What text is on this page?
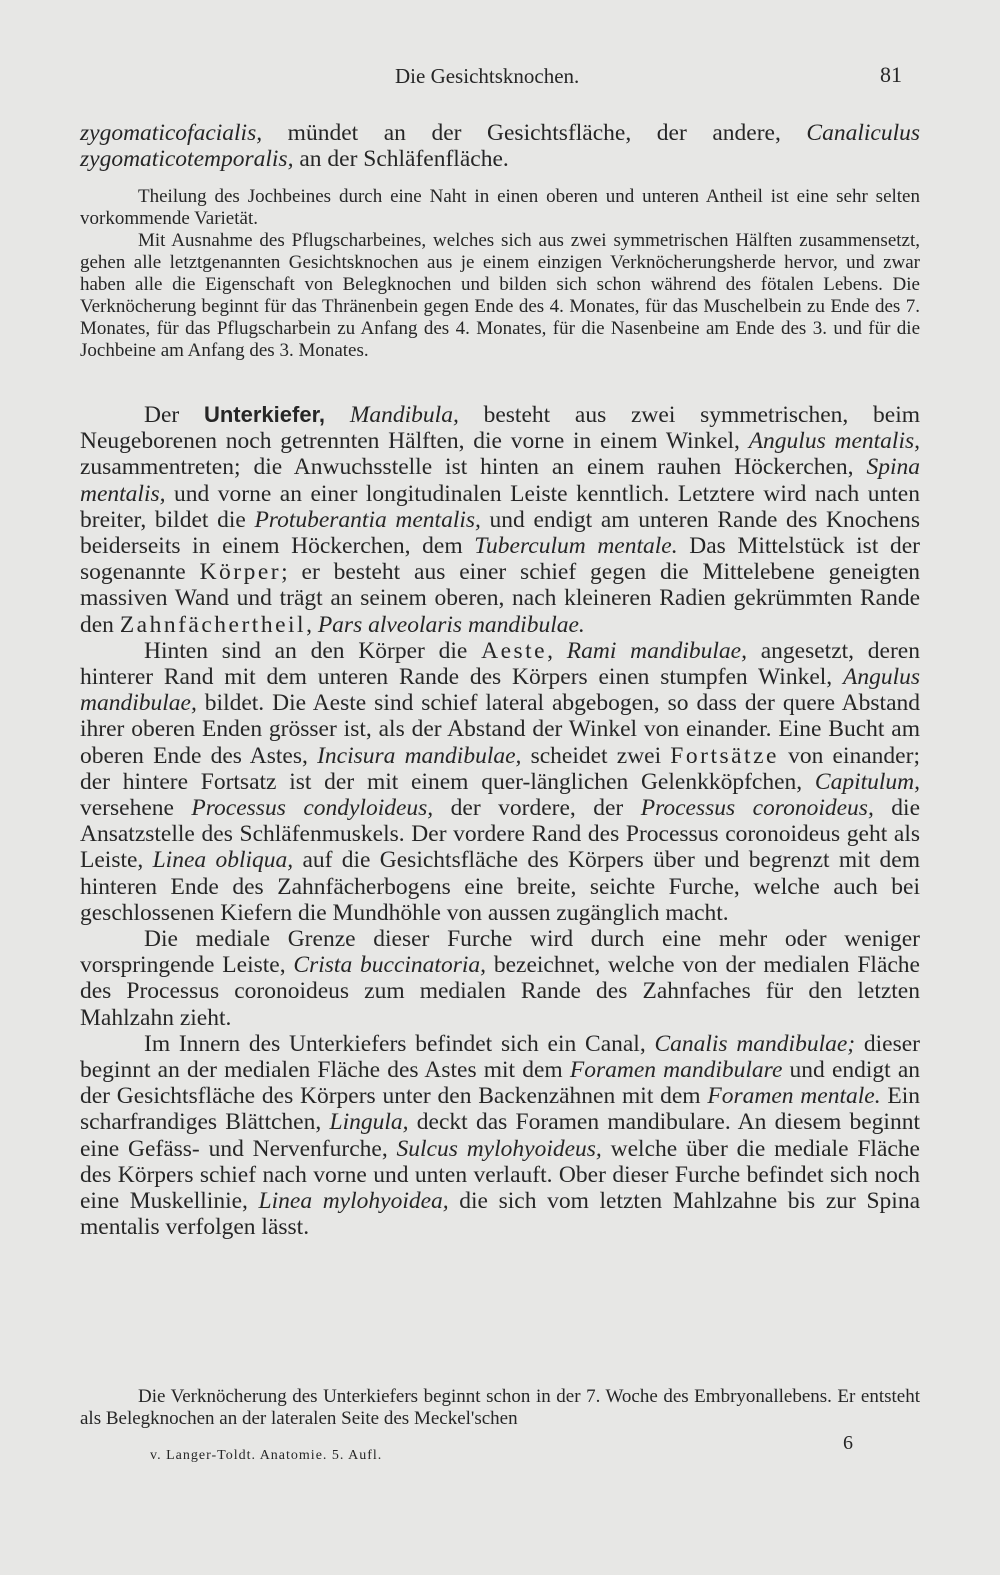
Die Gesichtsknochen.	81

zygomaticofacialis, mündet an der Gesichtsfläche, der andere, Canaliculus zygomaticotemporalis, an der Schläfenfläche.

Theilung des Jochbeines durch eine Naht in einen oberen und unteren Antheil ist eine sehr selten vorkommende Varietät.

Mit Ausnahme des Pflugscharbeines, welches sich aus zwei symmetrischen Hälften zusammensetzt, gehen alle letztgenannten Gesichtsknochen aus je einem einzigen Verknöcherungsherde hervor, und zwar haben alle die Eigenschaft von Belegknochen und bilden sich schon während des fötalen Lebens. Die Verknöcherung beginnt für das Thränenbein gegen Ende des 4. Monates, für das Muschelbein zu Ende des 7. Monates, für das Pflugscharbein zu Anfang des 4. Monates, für die Nasenbeine am Ende des 3. und für die Jochbeine am Anfang des 3. Monates.

Der Unterkiefer, Mandibula, besteht aus zwei symmetrischen, beim Neugeborenen noch getrennten Hälften, die vorne in einem Winkel, Angulus mentalis, zusammentreten; die Anwuchsstelle ist hinten an einem rauhen Höckerchen, Spina mentalis, und vorne an einer longitudinalen Leiste kenntlich. Letztere wird nach unten breiter, bildet die Protuberantia mentalis, und endigt am unteren Rande des Knochens beiderseits in einem Höckerchen, dem Tuberculum mentale. Das Mittelstück ist der sogenannte Körper; er besteht aus einer schief gegen die Mittelebene geneigten massiven Wand und trägt an seinem oberen, nach kleineren Radien gekrümmten Rande den Zahnfächertheil, Pars alveolaris mandibulae.

Hinten sind an den Körper die Aeste, Rami mandibulae, angesetzt, deren hinterer Rand mit dem unteren Rande des Körpers einen stumpfen Winkel, Angulus mandibulae, bildet. Die Aeste sind schief lateral abgebogen, so dass der quere Abstand ihrer oberen Enden grösser ist, als der Abstand der Winkel von einander. Eine Bucht am oberen Ende des Astes, Incisura mandibulae, scheidet zwei Fortsätze von einander; der hintere Fortsatz ist der mit einem quer-länglichen Gelenkköpfchen, Capitulum, versehene Processus condyloideus, der vordere, der Processus coronoideus, die Ansatzstelle des Schläfenmuskels. Der vordere Rand des Processus coronoideus geht als Leiste, Linea obliqua, auf die Gesichtsfläche des Körpers über und begrenzt mit dem hinteren Ende des Zahnfächerbogens eine breite, seichte Furche, welche auch bei geschlossenen Kiefern die Mundhöhle von aussen zugänglich macht.

Die mediale Grenze dieser Furche wird durch eine mehr oder weniger vorspringende Leiste, Crista buccinatoria, bezeichnet, welche von der medialen Fläche des Processus coronoideus zum medialen Rande des Zahnfaches für den letzten Mahlzahn zieht.

Im Innern des Unterkiefers befindet sich ein Canal, Canalis mandibulae; dieser beginnt an der medialen Fläche des Astes mit dem Foramen mandibulare und endigt an der Gesichtsfläche des Körpers unter den Backenzähnen mit dem Foramen mentale. Ein scharfrandiges Blättchen, Lingula, deckt das Foramen mandibulare. An diesem beginnt eine Gefäss- und Nervenfurche, Sulcus mylohyoideus, welche über die mediale Fläche des Körpers schief nach vorne und unten verlauft. Ober dieser Furche befindet sich noch eine Muskellinie, Linea mylohyoidea, die sich vom letzten Mahlzahne bis zur Spina mentalis verfolgen lässt.

Die Verknöcherung des Unterkiefers beginnt schon in der 7. Woche des Embryonallebens. Er entsteht als Belegknochen an der lateralen Seite des Meckel'schen

6
v. Langer-Toldt. Anatomie. 5. Aufl.
